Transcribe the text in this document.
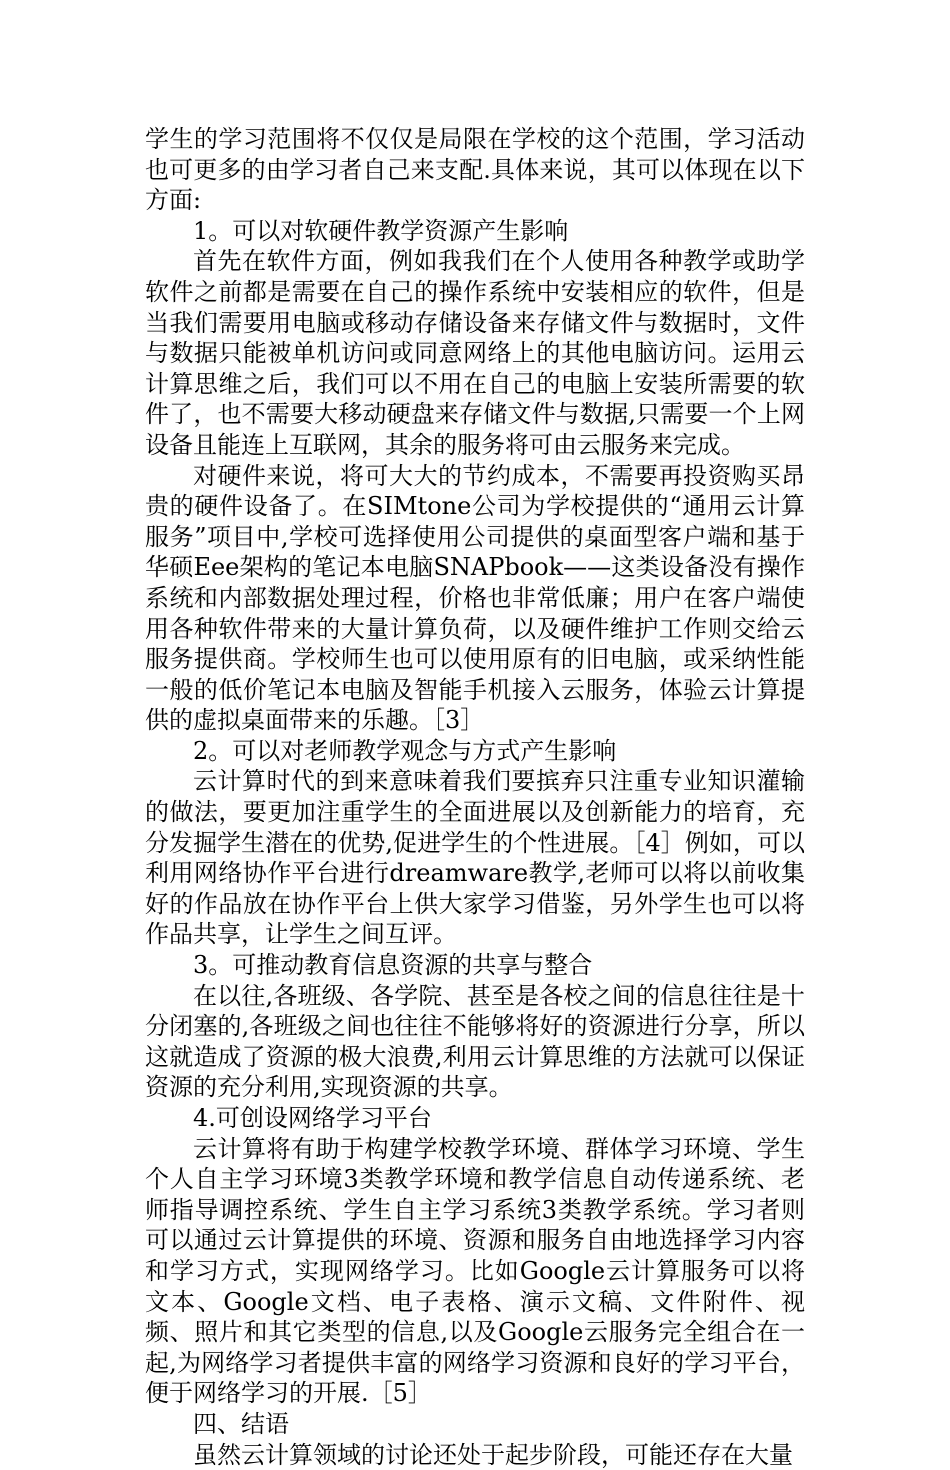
学生的学习范围将不仅仅是局限在学校的这个范围，学习活动也可更多的由学习者自己来支配.具体来说，其可以体现在以下方面:

1。可以对软硬件教学资源产生影响

首先在软件方面，例如我我们在个人使用各种教学或助学软件之前都是需要在自己的操作系统中安装相应的软件，但是当我们需要用电脑或移动存储设备来存储文件与数据时，文件与数据只能被单机访问或同意网络上的其他电脑访问。运用云计算思维之后，我们可以不用在自己的电脑上安装所需要的软件了，也不需要大移动硬盘来存储文件与数据,只需要一个上网设备且能连上互联网，其余的服务将可由云服务来完成。

对硬件来说，将可大大的节约成本，不需要再投资购买昂贵的硬件设备了。在SIMtone公司为学校提供的“通用云计算服务”项目中,学校可选择使用公司提供的桌面型客户端和基于华硕Eee架构的笔记本电脑SNAPbook——这类设备没有操作系统和内部数据处理过程，价格也非常低廉；用户在客户端使用各种软件带来的大量计算负荷，以及硬件维护工作则交给云服务提供商。学校师生也可以使用原有的旧电脑，或采纳性能一般的低价笔记本电脑及智能手机接入云服务，体验云计算提供的虚拟桌面带来的乐趣。［3］

2。可以对老师教学观念与方式产生影响

云计算时代的到来意味着我们要摈弃只注重专业知识灌输的做法，要更加注重学生的全面进展以及创新能力的培育，充分发掘学生潜在的优势,促进学生的个性进展。［4］例如，可以利用网络协作平台进行dreamware教学,老师可以将以前收集好的作品放在协作平台上供大家学习借鉴，另外学生也可以将作品共享，让学生之间互评。

3。可推动教育信息资源的共享与整合

在以往,各班级、各学院、甚至是各校之间的信息往往是十分闭塞的,各班级之间也往往不能够将好的资源进行分享，所以这就造成了资源的极大浪费,利用云计算思维的方法就可以保证资源的充分利用,实现资源的共享。

4.可创设网络学习平台

云计算将有助于构建学校教学环境、群体学习环境、学生个人自主学习环境3类教学环境和教学信息自动传递系统、老师指导调控系统、学生自主学习系统3类教学系统。学习者则可以通过云计算提供的环境、资源和服务自由地选择学习内容和学习方式，实现网络学习。比如Google云计算服务可以将文本、Google文档、电子表格、演示文稿、文件附件、视频、照片和其它类型的信息,以及Google云服务完全组合在一起,为网络学习者提供丰富的网络学习资源和良好的学习平台，便于网络学习的开展.［5］

四、结语

虽然云计算领域的讨论还处于起步阶段，可能还存在大量
